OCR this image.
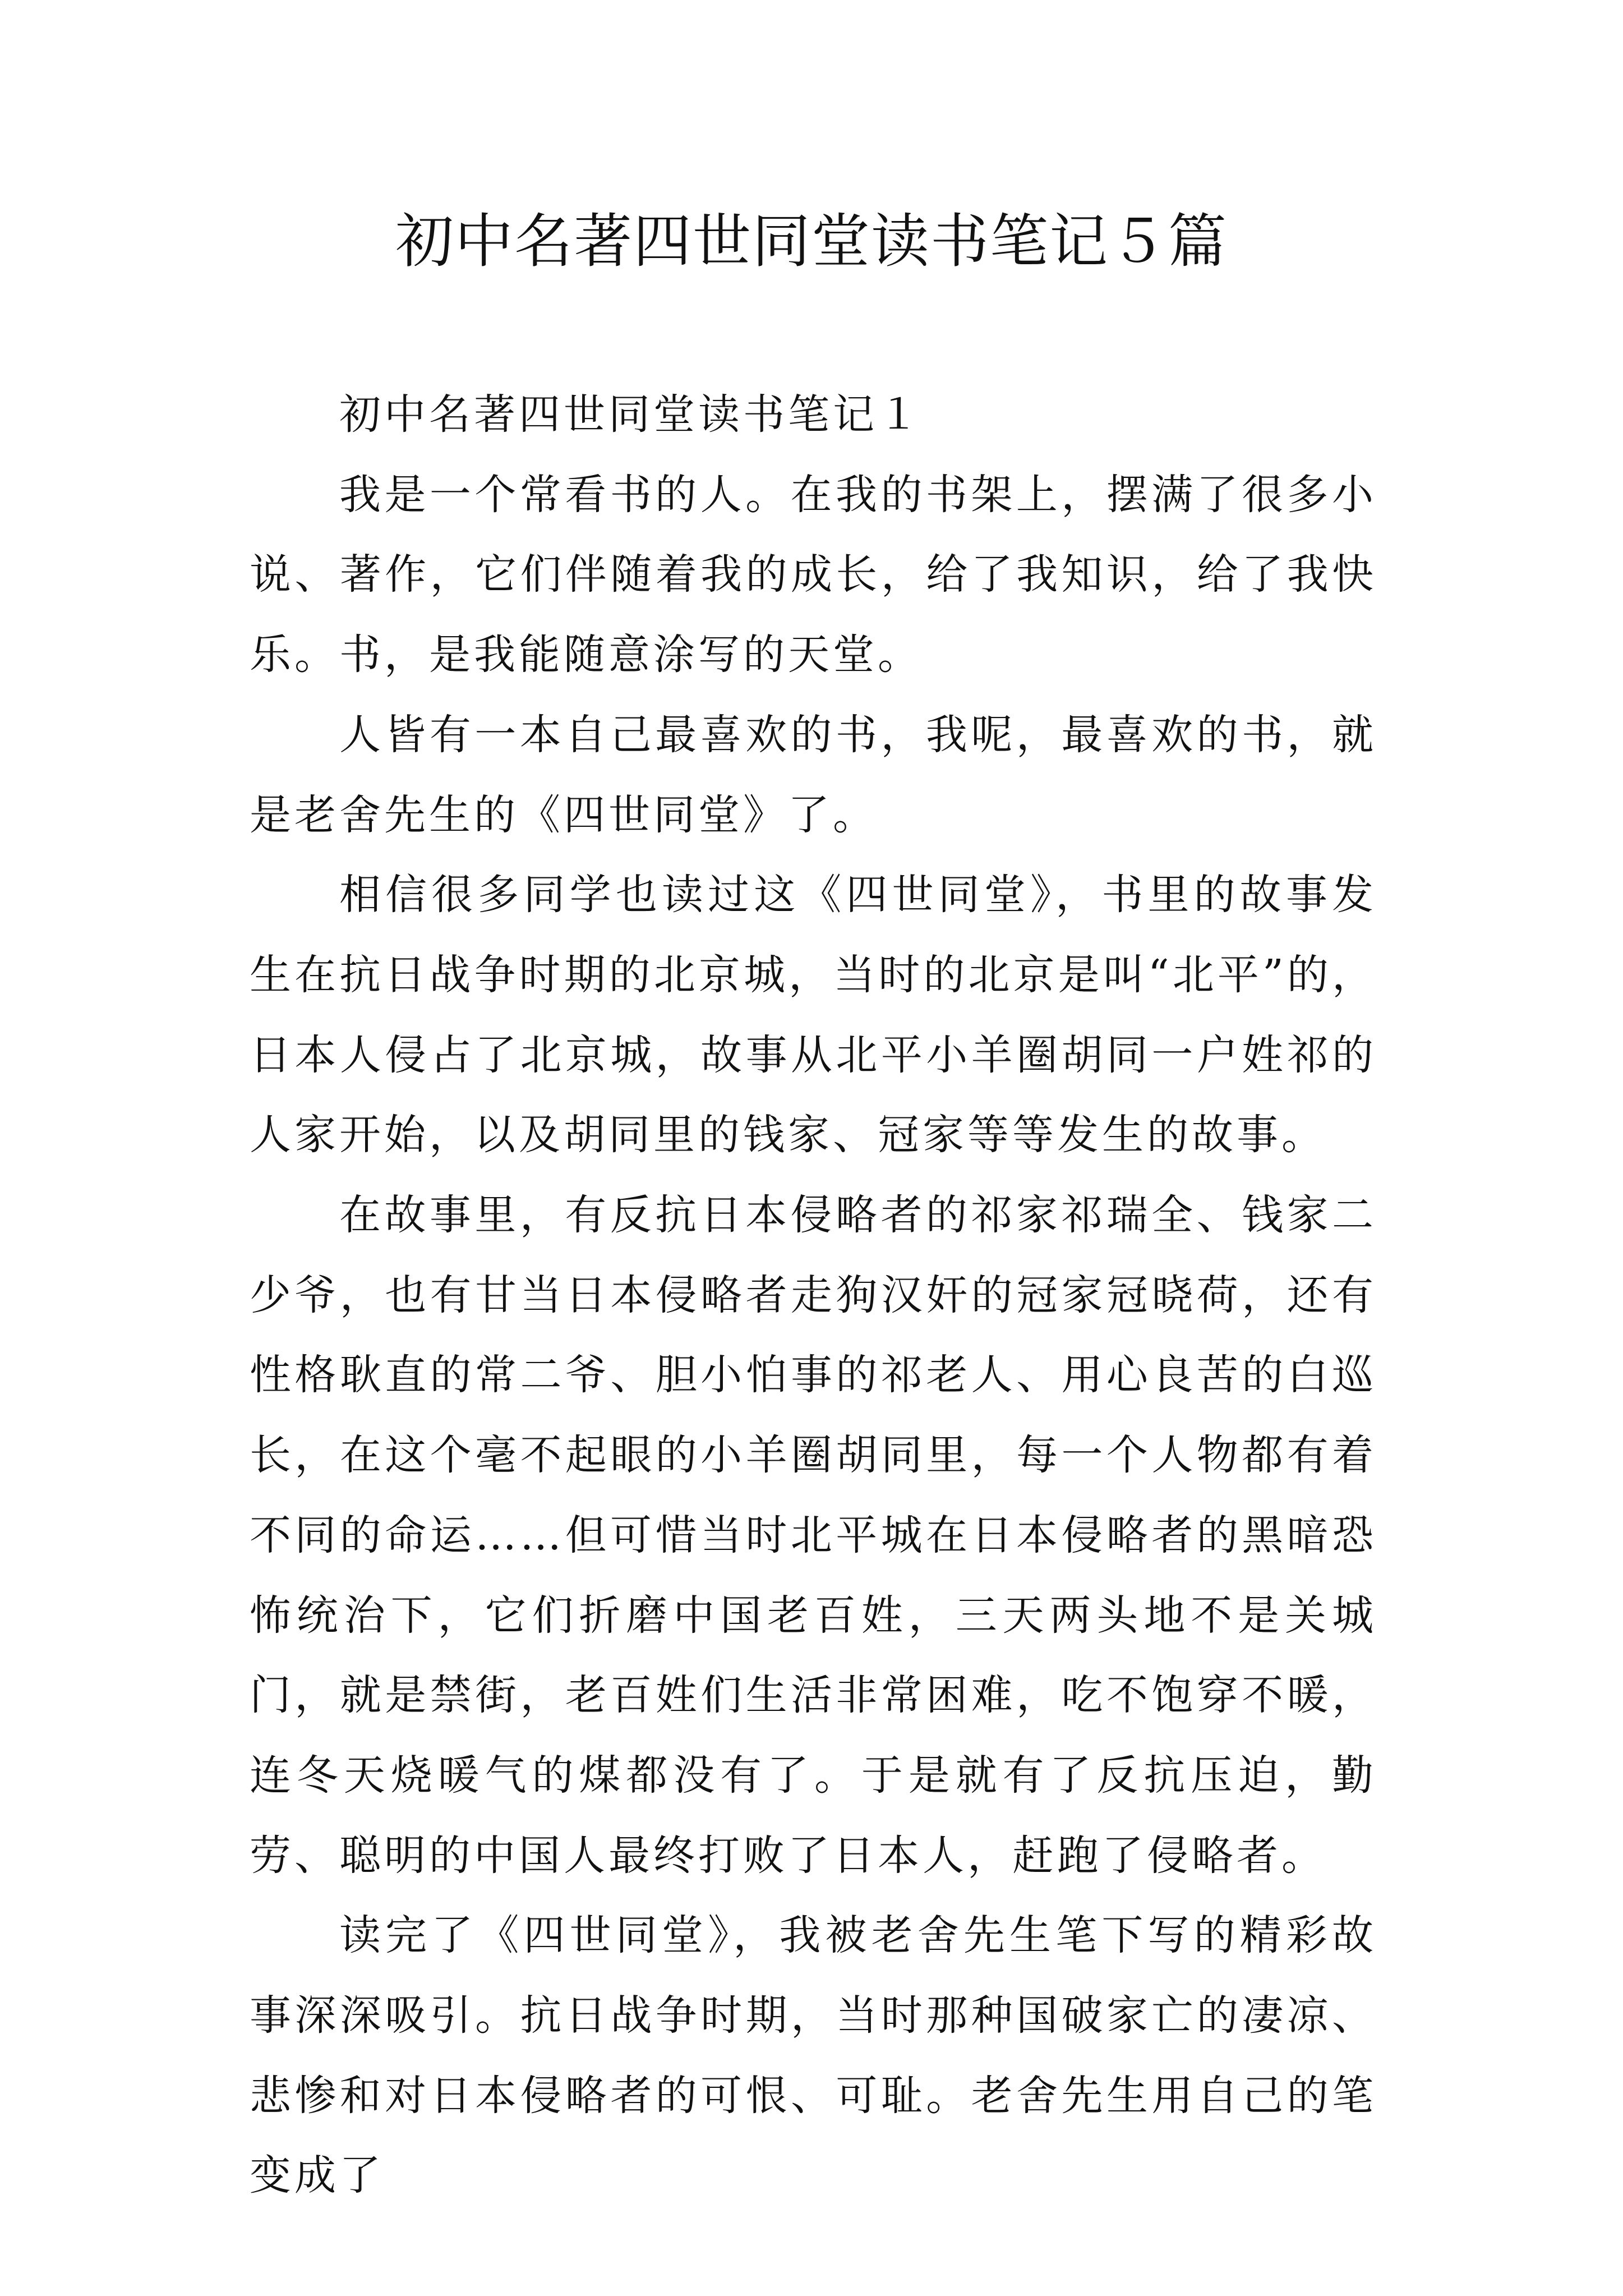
初中名著四世同堂读书笔记５篇

初中名著四世同堂读书笔记１

我是一个常看书的人。在我的书架上，摆满了很多小说、著作，它们伴随着我的成长，给了我知识，给了我快乐。书，是我能随意涂写的天堂。

人皆有一本自己最喜欢的书，我呢，最喜欢的书，就是老舍先生的《四世同堂》了。

相信很多同学也读过这《四世同堂》，书里的故事发生在抗日战争时期的北京城，当时的北京是叫“北平”的，日本人侵占了北京城，故事从北平小羊圈胡同一户姓祁的人家开始，以及胡同里的钱家、冠家等等发生的故事。

在故事里，有反抗日本侵略者的祁家祁瑞全、钱家二少爷，也有甘当日本侵略者走狗汉奸的冠家冠晓荷，还有性格耿直的常二爷、胆小怕事的祁老人、用心良苦的白巡长，在这个毫不起眼的小羊圈胡同里，每一个人物都有着不同的命运……但可惜当时北平城在日本侵略者的黑暗恐怖统治下，它们折磨中国老百姓，三天两头地不是关城门，就是禁街，老百姓们生活非常困难，吃不饱穿不暖，连冬天烧暖气的煤都没有了。于是就有了反抗压迫，勤劳、聪明的中国人最终打败了日本人，赶跑了侵略者。

读完了《四世同堂》，我被老舍先生笔下写的精彩故事深深吸引。抗日战争时期，当时那种国破家亡的凄凉、悲惨和对日本侵略者的可恨、可耻。老舍先生用自己的笔变成了
